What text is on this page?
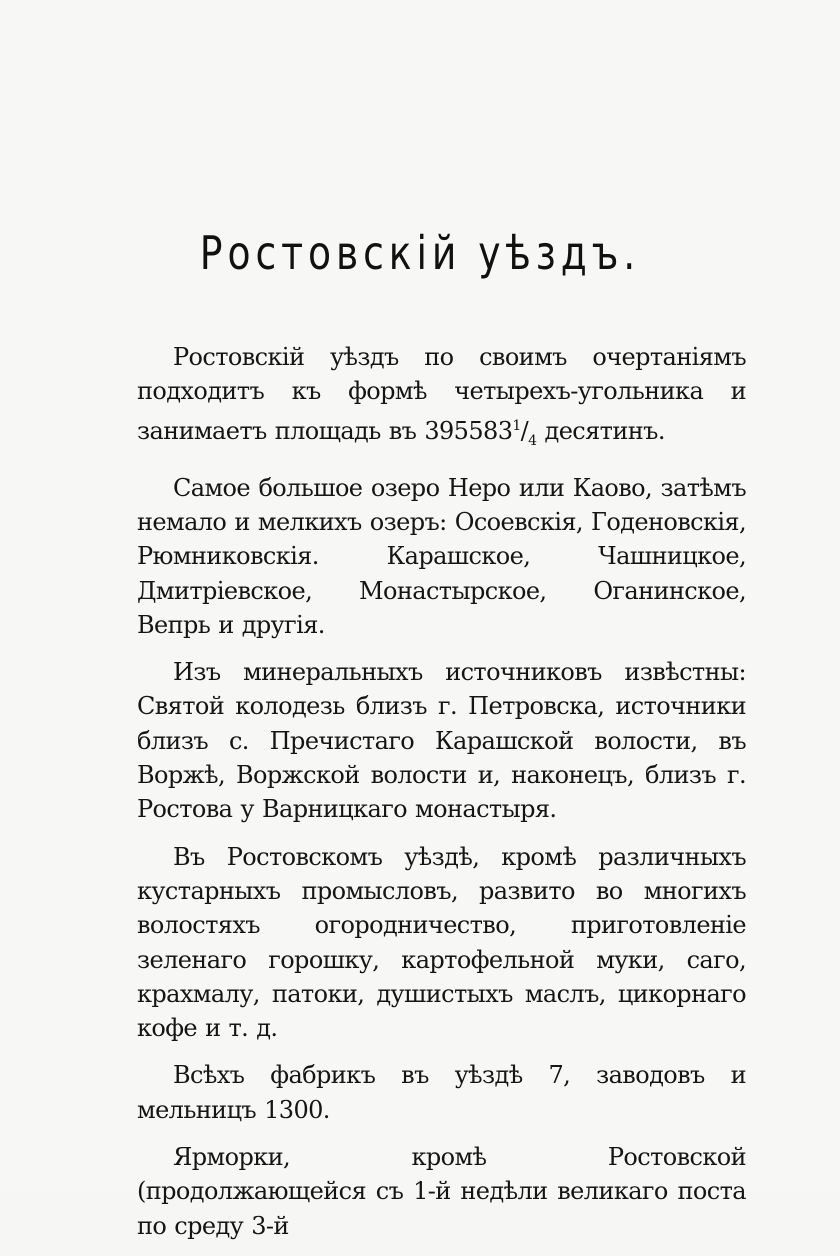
Ростовскій уѣздъ.

Ростовскій уѣздъ по своимъ очертаніямъ подходитъ къ формѣ четырехъ-угольника и занимаетъ площадь въ $395583^1/_4$ десятинъ.

Самое большое озеро Неро или Каово, затѣмъ немало и мелкихъ озеръ: Осоевскія, Годеновскія, Рюмниковскія. Карашское, Чашницкое, Дмитріевское, Монастырское, Оганинское, Вепрь и другія.

Изъ минеральныхъ источниковъ извѣстны: Святой колодезь близъ г. Петровска, источники близъ с. Пречистаго Карашской волости, въ Воржѣ, Воржской волости и, наконецъ, близъ г. Ростова у Варницкаго монастыря.

Въ Ростовскомъ уѣздѣ, кромѣ различныхъ кустарныхъ промысловъ, развито во многихъ волостяхъ огородничество, приготовленіе зеленаго горошку, картофельной муки, саго, крахмалу, патоки, душистыхъ маслъ, цикорнаго кофе и т. д.

Всѣхъ фабрикъ въ уѣздѣ 7, заводовъ и мельницъ 1300.

Ярморки, кромѣ Ростовской (продолжающейся съ 1-й недѣли великаго поста по среду 3-й
